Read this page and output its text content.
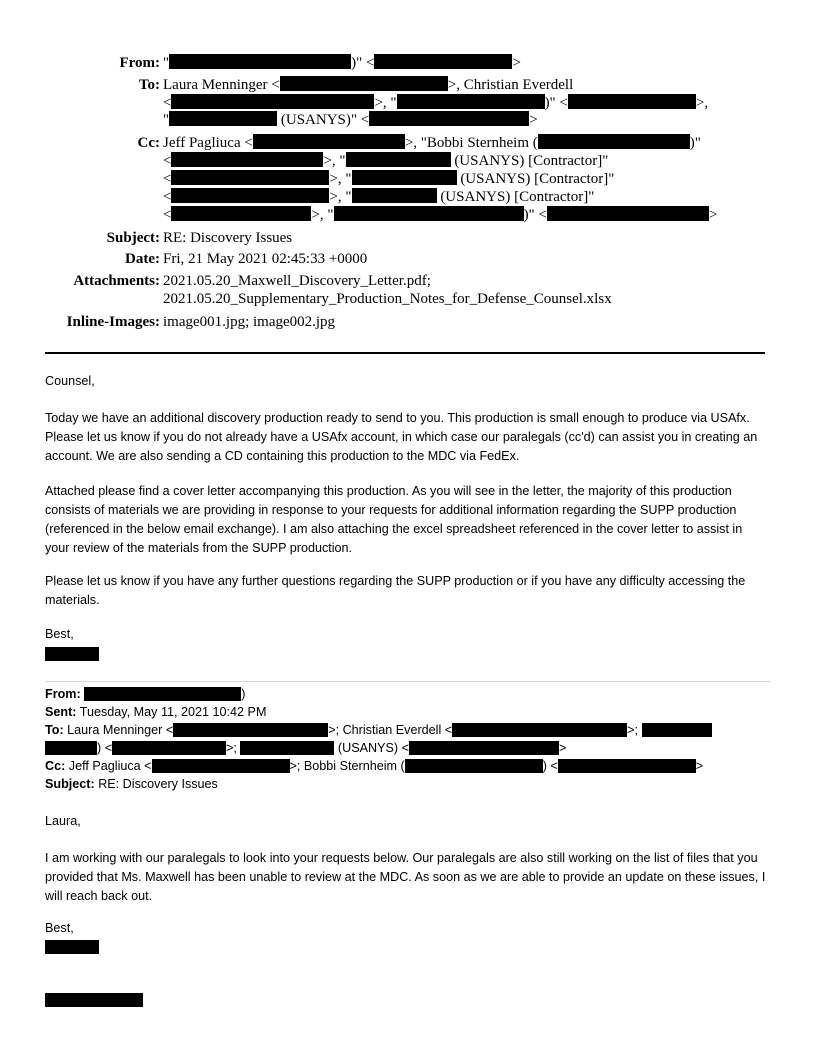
From: "	)" <	>
To: Laura Menninger <	>, Christian Everdell
<	>, "	)" <	>,
"	(USANYS)" <	>
Cc: Jeff Pagliuca <	>, "Bobbi Sternheim (	)"
<	>, "	(USANYS) [Contractor]"
<	>, "	(USANYS) [Contractor]"
<	>, "	(USANYS) [Contractor]"
<	>, "	)" <	>
Subject: RE: Discovery Issues
Date: Fri, 21 May 2021 02:45:33 +0000
Attachments: 2021.05.20_Maxwell_Discovery_Letter.pdf;
2021.05.20_Supplementary_Production_Notes_for_Defense_Counsel.xlsx
Inline-Images: image001.jpg; image002.jpg

Counsel,

Today we have an additional discovery production ready to send to you. This production is small enough to produce via USAfx. Please let us know if you do not already have a USAfx account, in which case our paralegals (cc'd) can assist you in creating an account. We are also sending a CD containing this production to the MDC via FedEx.

Attached please find a cover letter accompanying this production. As you will see in the letter, the majority of this production consists of materials we are providing in response to your requests for additional information regarding the SUPP production (referenced in the below email exchange). I am also attaching the excel spreadsheet referenced in the cover letter to assist in your review of the materials from the SUPP production.

Please let us know if you have any further questions regarding the SUPP production or if you have any difficulty accessing the materials.

Best,

From:	)
Sent: Tuesday, May 11, 2021 10:42 PM
To: Laura Menninger <	>; Christian Everdell <	>;
) <	>;	(USANYS) <	>
Cc: Jeff Pagliuca <	>; Bobbi Sternheim (	) <	>
Subject: RE: Discovery Issues

Laura,

I am working with our paralegals to look into your requests below. Our paralegals are also still working on the list of files that you provided that Ms. Maxwell has been unable to review at the MDC. As soon as we are able to provide an update on these issues, I will reach back out.

Best,
